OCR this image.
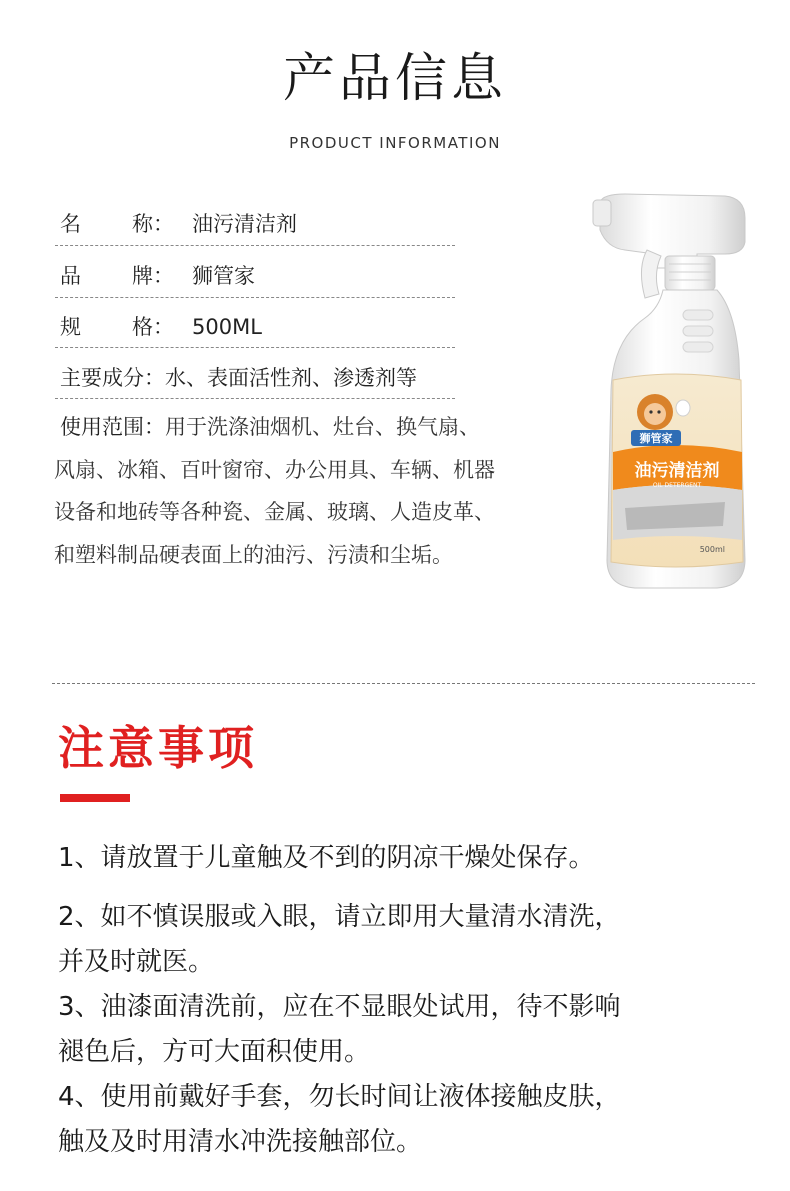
产品信息
PRODUCT INFORMATION
名 称： 油污清洁剂
品 牌： 狮管家
规 格： 500ML
主要成分：水、表面活性剂、渗透剂等
使用范围：用于洗涤油烟机、灶台、换气扇、
风扇、冰箱、百叶窗帘、办公用具、车辆、机器
设备和地砖等各种瓷、金属、玻璃、人造皮革、
和塑料制品硬表面上的油污、污渍和尘垢。
狮管家
油污清洁剂
OIL DETERGENT
500ml
注意事项
1、请放置于儿童触及不到的阴凉干燥处保存。
2、如不慎误服或入眼，请立即用大量清水清洗，
并及时就医。
3、油漆面清洗前，应在不显眼处试用，待不影响
褪色后，方可大面积使用。
4、使用前戴好手套，勿长时间让液体接触皮肤，
触及及时用清水冲洗接触部位。
